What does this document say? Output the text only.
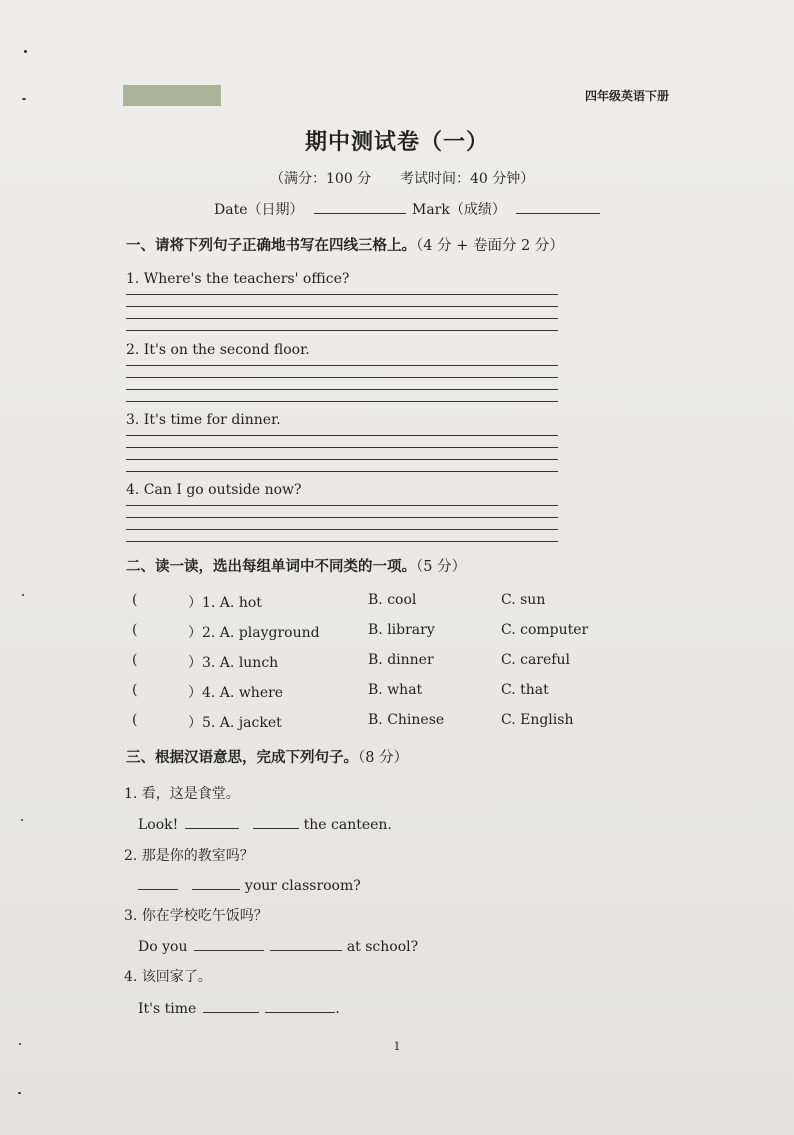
四年级英语下册
期中测试卷（一）
（满分：100 分 考试时间：40 分钟）
Date（日期）	Mark（成绩）
一、请将下列句子正确地书写在四线三格上。（4 分 + 卷面分 2 分）
1. Where's the teachers' office?
2. It's on the second floor.
3. It's time for dinner.
4. Can I go outside now?
二、读一读，选出每组单词中不同类的一项。（5 分）
(	）1. A. hot	B. cool	C. sun
(	）2. A. playground	B. library	C. computer
(	）3. A. lunch	B. dinner	C. careful
(	）4. A. where	B. what	C. that
(	）5. A. jacket	B. Chinese	C. English
三、根据汉语意思，完成下列句子。（8 分）
1. 看，这是食堂。
Look!	the canteen.
2. 那是你的教室吗？
your classroom?
3. 你在学校吃午饭吗？
Do you	at school?
4. 该回家了。
It's time	.
1
